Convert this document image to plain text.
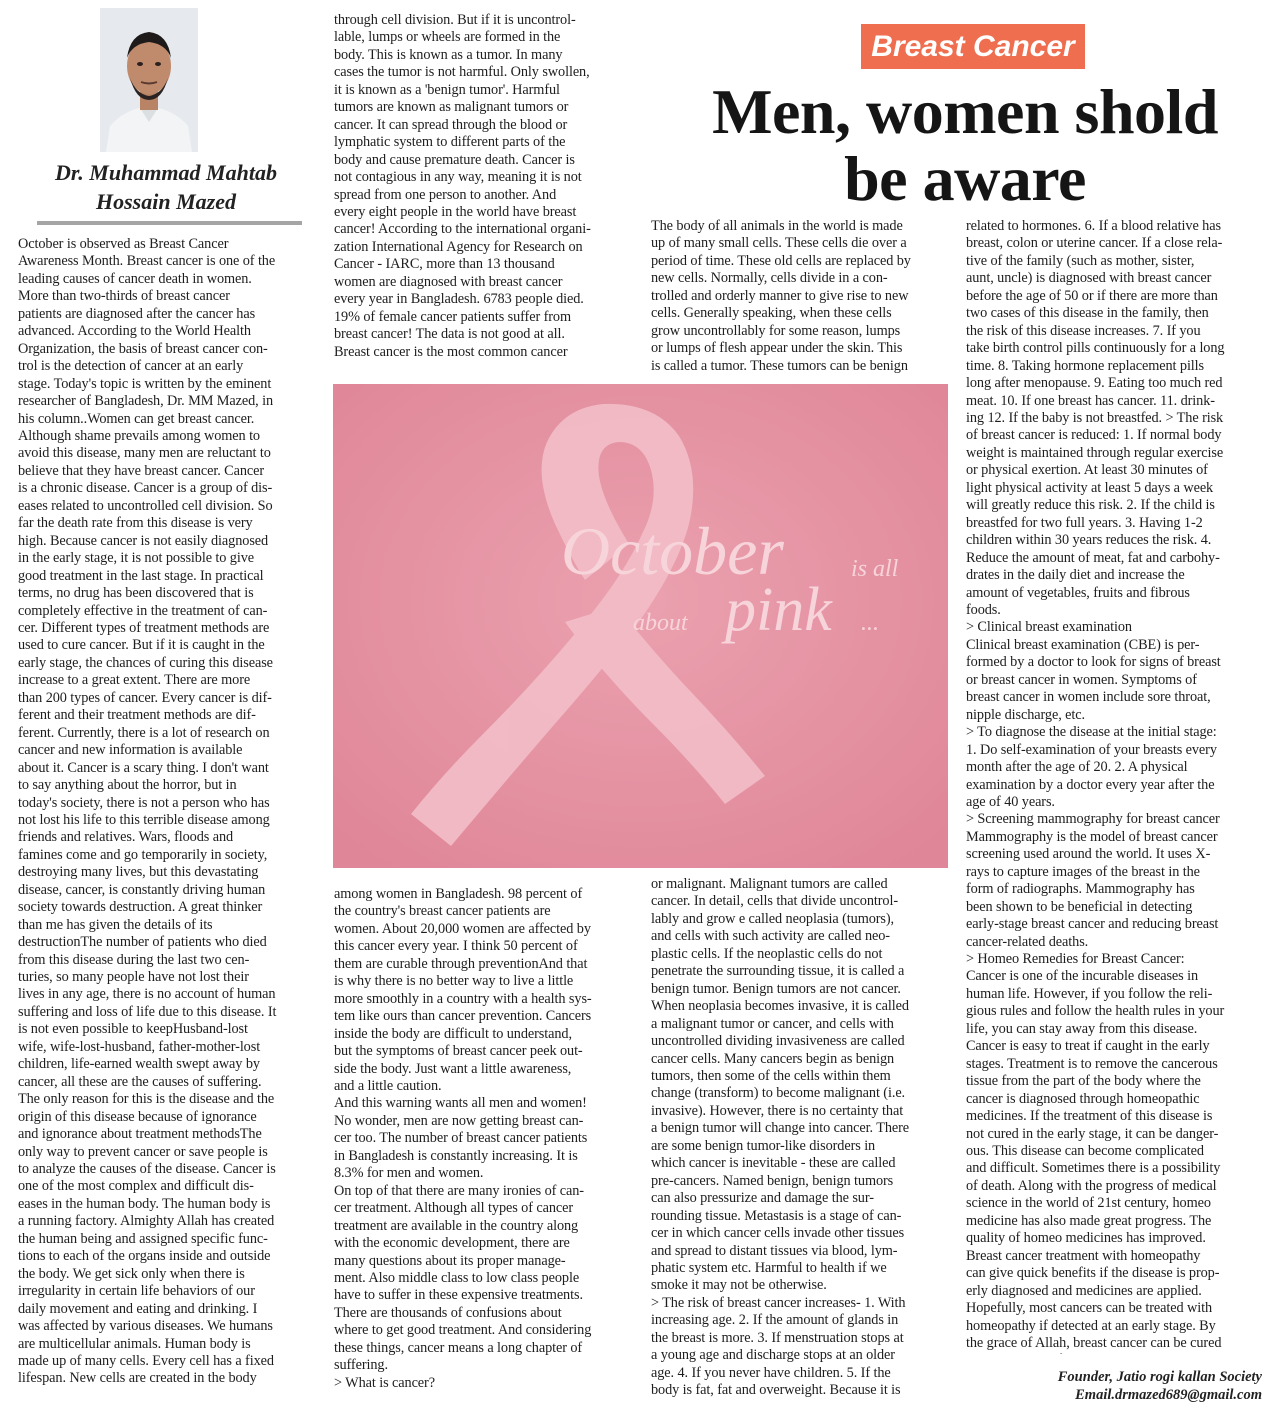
Dr. Muhammad Mahtab
Hossain Mazed
Breast Cancer
Men, women shold
be aware
October is observed as Breast Cancer
Awareness Month. Breast cancer is one of the
leading causes of cancer death in women.
More than two-thirds of breast cancer
patients are diagnosed after the cancer has
advanced. According to the World Health
Organization, the basis of breast cancer con-
trol is the detection of cancer at an early
stage. Today's topic is written by the eminent
researcher of Bangladesh, Dr. MM Mazed, in
his column..Women can get breast cancer.
Although shame prevails among women to
avoid this disease, many men are reluctant to
believe that they have breast cancer. Cancer
is a chronic disease. Cancer is a group of dis-
eases related to uncontrolled cell division. So
far the death rate from this disease is very
high. Because cancer is not easily diagnosed
in the early stage, it is not possible to give
good treatment in the last stage. In practical
terms, no drug has been discovered that is
completely effective in the treatment of can-
cer. Different types of treatment methods are
used to cure cancer. But if it is caught in the
early stage, the chances of curing this disease
increase to a great extent. There are more
than 200 types of cancer. Every cancer is dif-
ferent and their treatment methods are dif-
ferent. Currently, there is a lot of research on
cancer and new information is available
about it. Cancer is a scary thing. I don't want
to say anything about the horror, but in
today's society, there is not a person who has
not lost his life to this terrible disease among
friends and relatives. Wars, floods and
famines come and go temporarily in society,
destroying many lives, but this devastating
disease, cancer, is constantly driving human
society towards destruction. A great thinker
than me has given the details of its
destructionThe number of patients who died
from this disease during the last two cen-
turies, so many people have not lost their
lives in any age, there is no account of human
suffering and loss of life due to this disease. It
is not even possible to keepHusband-lost
wife, wife-lost-husband, father-mother-lost
children, life-earned wealth swept away by
cancer, all these are the causes of suffering.
The only reason for this is the disease and the
origin of this disease because of ignorance
and ignorance about treatment methodsThe
only way to prevent cancer or save people is
to analyze the causes of the disease. Cancer is
one of the most complex and difficult dis-
eases in the human body. The human body is
a running factory. Almighty Allah has created
the human being and assigned specific func-
tions to each of the organs inside and outside
the body. We get sick only when there is
irregularity in certain life behaviors of our
daily movement and eating and drinking. I
was affected by various diseases. We humans
are multicellular animals. Human body is
made up of many cells. Every cell has a fixed
lifespan. New cells are created in the body
through cell division. But if it is uncontrol-
lable, lumps or wheels are formed in the
body. This is known as a tumor. In many
cases the tumor is not harmful. Only swollen,
it is known as a 'benign tumor'. Harmful
tumors are known as malignant tumors or
cancer. It can spread through the blood or
lymphatic system to different parts of the
body and cause premature death. Cancer is
not contagious in any way, meaning it is not
spread from one person to another. And
every eight people in the world have breast
cancer! According to the international organi-
zation International Agency for Research on
Cancer - IARC, more than 13 thousand
women are diagnosed with breast cancer
every year in Bangladesh. 6783 people died.
19% of female cancer patients suffer from
breast cancer! The data is not good at all.
Breast cancer is the most common cancer
The body of all animals in the world is made
up of many small cells. These cells die over a
period of time. These old cells are replaced by
new cells. Normally, cells divide in a con-
trolled and orderly manner to give rise to new
cells. Generally speaking, when these cells
grow uncontrollably for some reason, lumps
or lumps of flesh appear under the skin. This
is called a tumor. These tumors can be benign
among women in Bangladesh. 98 percent of
the country's breast cancer patients are
women. About 20,000 women are affected by
this cancer every year. I think 50 percent of
them are curable through preventionAnd that
is why there is no better way to live a little
more smoothly in a country with a health sys-
tem like ours than cancer prevention. Cancers
inside the body are difficult to understand,
but the symptoms of breast cancer peek out-
side the body. Just want a little awareness,
and a little caution.
And this warning wants all men and women!
No wonder, men are now getting breast can-
cer too. The number of breast cancer patients
in Bangladesh is constantly increasing. It is
8.3% for men and women.
On top of that there are many ironies of can-
cer treatment. Although all types of cancer
treatment are available in the country along
with the economic development, there are
many questions about its proper manage-
ment. Also middle class to low class people
have to suffer in these expensive treatments.
There are thousands of confusions about
where to get good treatment. And considering
these things, cancer means a long chapter of
suffering.
> What is cancer?
or malignant. Malignant tumors are called
cancer. In detail, cells that divide uncontrol-
lably and grow e called neoplasia (tumors),
and cells with such activity are called neo-
plastic cells. If the neoplastic cells do not
penetrate the surrounding tissue, it is called a
benign tumor. Benign tumors are not cancer.
When neoplasia becomes invasive, it is called
a malignant tumor or cancer, and cells with
uncontrolled dividing invasiveness are called
cancer cells. Many cancers begin as benign
tumors, then some of the cells within them
change (transform) to become malignant (i.e.
invasive). However, there is no certainty that
a benign tumor will change into cancer. There
are some benign tumor-like disorders in
which cancer is inevitable - these are called
pre-cancers. Named benign, benign tumors
can also pressurize and damage the sur-
rounding tissue. Metastasis is a stage of can-
cer in which cancer cells invade other tissues
and spread to distant tissues via blood, lym-
phatic system etc. Harmful to health if we
smoke it may not be otherwise.
> The risk of breast cancer increases- 1. With
increasing age. 2. If the amount of glands in
the breast is more. 3. If menstruation stops at
a young age and discharge stops at an older
age. 4. If you never have children. 5. If the
body is fat, fat and overweight. Because it is
related to hormones. 6. If a blood relative has
breast, colon or uterine cancer. If a close rela-
tive of the family (such as mother, sister,
aunt, uncle) is diagnosed with breast cancer
before the age of 50 or if there are more than
two cases of this disease in the family, then
the risk of this disease increases. 7. If you
take birth control pills continuously for a long
time. 8. Taking hormone replacement pills
long after menopause. 9. Eating too much red
meat. 10. If one breast has cancer. 11. drink-
ing 12. If the baby is not breastfed. > The risk
of breast cancer is reduced: 1. If normal body
weight is maintained through regular exercise
or physical exertion. At least 30 minutes of
light physical activity at least 5 days a week
will greatly reduce this risk. 2. If the child is
breastfed for two full years. 3. Having 1-2
children within 30 years reduces the risk. 4.
Reduce the amount of meat, fat and carbohy-
drates in the daily diet and increase the
amount of vegetables, fruits and fibrous
foods.
> Clinical breast examination
Clinical breast examination (CBE) is per-
formed by a doctor to look for signs of breast
or breast cancer in women. Symptoms of
breast cancer in women include sore throat,
nipple discharge, etc.
> To diagnose the disease at the initial stage:
1. Do self-examination of your breasts every
month after the age of 20. 2. A physical
examination by a doctor every year after the
age of 40 years.
> Screening mammography for breast cancer
Mammography is the model of breast cancer
screening used around the world. It uses X-
rays to capture images of the breast in the
form of radiographs. Mammography has
been shown to be beneficial in detecting
early-stage breast cancer and reducing breast
cancer-related deaths.
> Homeo Remedies for Breast Cancer:
Cancer is one of the incurable diseases in
human life. However, if you follow the reli-
gious rules and follow the health rules in your
life, you can stay away from this disease.
Cancer is easy to treat if caught in the early
stages. Treatment is to remove the cancerous
tissue from the part of the body where the
cancer is diagnosed through homeopathic
medicines. If the treatment of this disease is
not cured in the early stage, it can be danger-
ous. This disease can become complicated
and difficult. Sometimes there is a possibility
of death. Along with the progress of medical
science in the world of 21st century, homeo
medicine has also made great progress. The
quality of homeo medicines has improved.
Breast cancer treatment with homeopathy
can give quick benefits if the disease is prop-
erly diagnosed and medicines are applied.
Hopefully, most cancers can be treated with
homeopathy if detected at an early stage. By
the grace of Allah, breast cancer can be cured

October	is all
about pink ...
Founder, Jatio rogi kallan Society
Email.drmazed689@gmail.com
